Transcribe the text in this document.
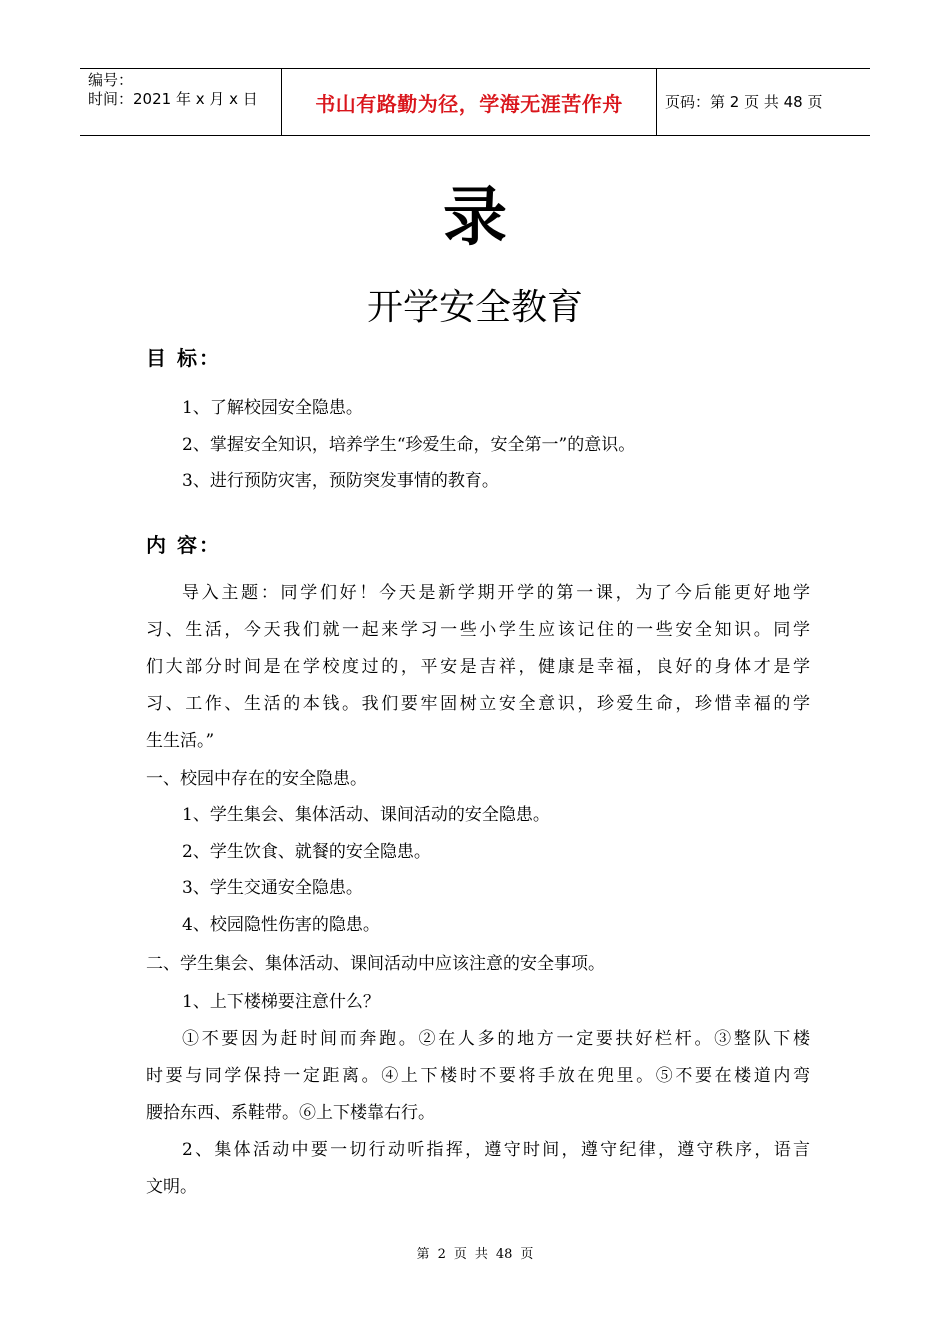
编号：
时间：2021 年 x 月 x 日	书山有路勤为径，学海无涯苦作舟	页码：第 2 页 共 48 页
录
开学安全教育
目 标：
1、了解校园安全隐患。
2、掌握安全知识，培养学生“珍爱生命，安全第一”的意识。
3、进行预防灾害，预防突发事情的教育。
内 容：
导入主题：同学们好！今天是新学期开学的第一课，为了今后能更好地学
习、生活，今天我们就一起来学习一些小学生应该记住的一些安全知识。同学
们大部分时间是在学校度过的，平安是吉祥，健康是幸福，良好的身体才是学
习、工作、生活的本钱。我们要牢固树立安全意识，珍爱生命，珍惜幸福的学
生生活。”
一、校园中存在的安全隐患。
1、学生集会、集体活动、课间活动的安全隐患。
2、学生饮食、就餐的安全隐患。
3、学生交通安全隐患。
4、校园隐性伤害的隐患。
二、学生集会、集体活动、课间活动中应该注意的安全事项。
1、上下楼梯要注意什么？
①不要因为赶时间而奔跑。②在人多的地方一定要扶好栏杆。③整队下楼
时要与同学保持一定距离。④上下楼时不要将手放在兜里。⑤不要在楼道内弯
腰拾东西、系鞋带。⑥上下楼靠右行。
2、集体活动中要一切行动听指挥，遵守时间，遵守纪律，遵守秩序，语言
文明。
第 2 页 共 48 页
